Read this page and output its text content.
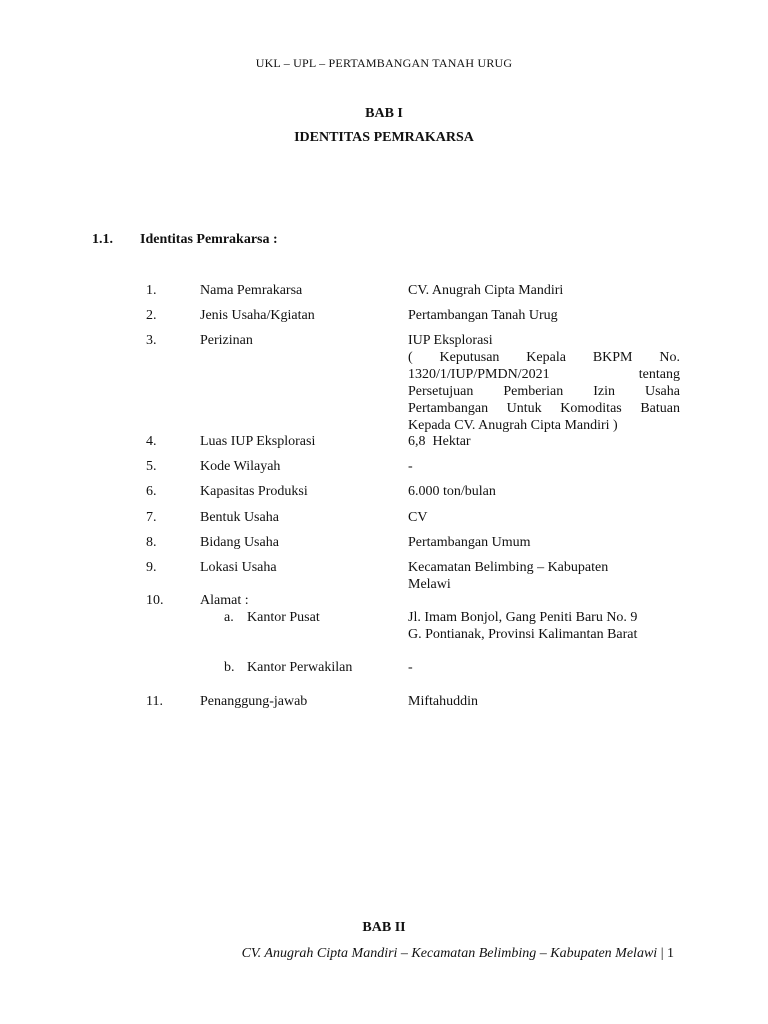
UKL – UPL – PERTAMBANGAN TANAH URUG
BAB I
IDENTITAS PEMRAKARSA
1.1. Identitas Pemrakarsa :
1.	Nama Pemrakarsa	CV. Anugrah Cipta Mandiri
2.	Jenis Usaha/Kgiatan	Pertambangan Tanah Urug
3.	Perizinan	IUP Eksplorasi
( Keputusan Kepala BKPM No.
1320/1/IUP/PMDN/2021 tentang
Persetujuan Pemberian Izin Usaha
Pertambangan Untuk Komoditas Batuan
Kepada CV. Anugrah Cipta Mandiri )
4.	Luas IUP Eksplorasi	6,8  Hektar
5.	Kode Wilayah	-
6.	Kapasitas Produksi	6.000 ton/bulan
7.	Bentuk Usaha	CV
8.	Bidang Usaha	Pertambangan Umum
9.	Lokasi Usaha	Kecamatan Belimbing – Kabupaten
Melawi
10.	Alamat :
a. Kantor Pusat	Jl. Imam Bonjol, Gang Peniti Baru No. 9
G. Pontianak, Provinsi Kalimantan Barat
b. Kantor Perwakilan	-
11.	Penanggung-jawab	Miftahuddin
BAB II
CV. Anugrah Cipta Mandiri – Kecamatan Belimbing – Kabupaten Melawi | 1
